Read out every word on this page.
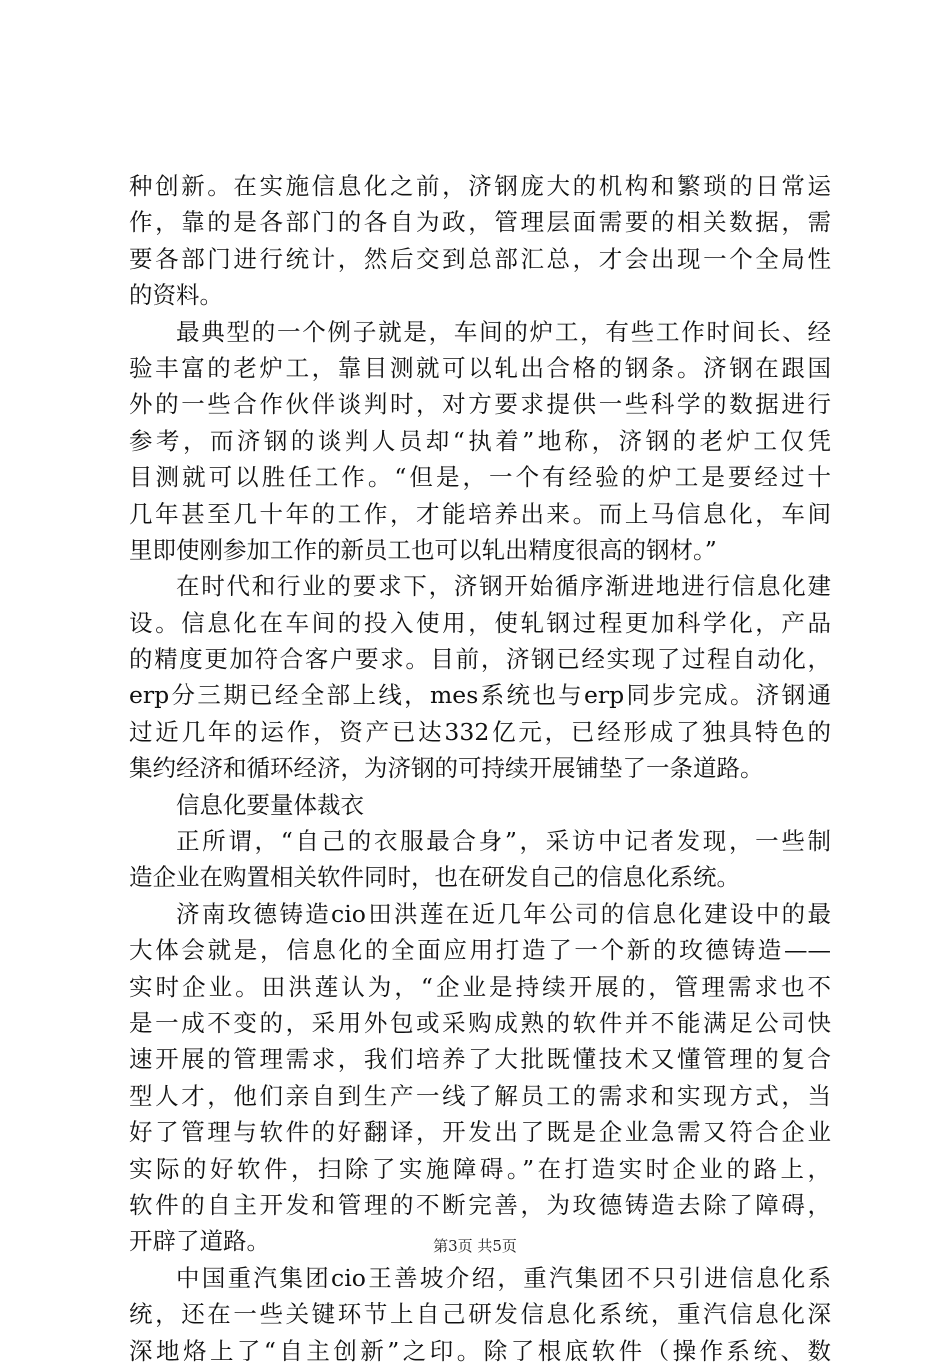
种创新。在实施信息化之前，济钢庞大的机构和繁琐的日常运
作，靠的是各部门的各自为政，管理层面需要的相关数据，需
要各部门进行统计，然后交到总部汇总，才会出现一个全局性
的资料。
最典型的一个例子就是，车间的炉工，有些工作时间长、经
验丰富的老炉工，靠目测就可以轧出合格的钢条。济钢在跟国
外的一些合作伙伴谈判时，对方要求提供一些科学的数据进行
参考，而济钢的谈判人员却“执着”地称，济钢的老炉工仅凭
目测就可以胜任工作。“但是，一个有经验的炉工是要经过十
几年甚至几十年的工作，才能培养出来。而上马信息化，车间
里即使刚参加工作的新员工也可以轧出精度很高的钢材。”
在时代和行业的要求下，济钢开始循序渐进地进行信息化建
设。信息化在车间的投入使用，使轧钢过程更加科学化，产品
的精度更加符合客户要求。目前，济钢已经实现了过程自动化，
erp分三期已经全部上线，mes系统也与erp同步完成。济钢通
过近几年的运作，资产已达332亿元，已经形成了独具特色的
集约经济和循环经济，为济钢的可持续开展铺垫了一条道路。
信息化要量体裁衣
正所谓，“自己的衣服最合身”，采访中记者发现，一些制
造企业在购置相关软件同时，也在研发自己的信息化系统。
济南玫德铸造cio田洪莲在近几年公司的信息化建设中的最
大体会就是，信息化的全面应用打造了一个新的玫德铸造——
实时企业。田洪莲认为，“企业是持续开展的，管理需求也不
是一成不变的，采用外包或采购成熟的软件并不能满足公司快
速开展的管理需求，我们培养了大批既懂技术又懂管理的复合
型人才，他们亲自到生产一线了解员工的需求和实现方式，当
好了管理与软件的好翻译，开发出了既是企业急需又符合企业
实际的好软件，扫除了实施障碍。”在打造实时企业的路上，
软件的自主开发和管理的不断完善，为玫德铸造去除了障碍，
开辟了道路。
中国重汽集团cio王善坡介绍，重汽集团不只引进信息化系
统，还在一些关键环节上自己研发信息化系统，重汽信息化深
深地烙上了“自主创新”之印。除了根底软件（操作系统、数
第3页 共5页
